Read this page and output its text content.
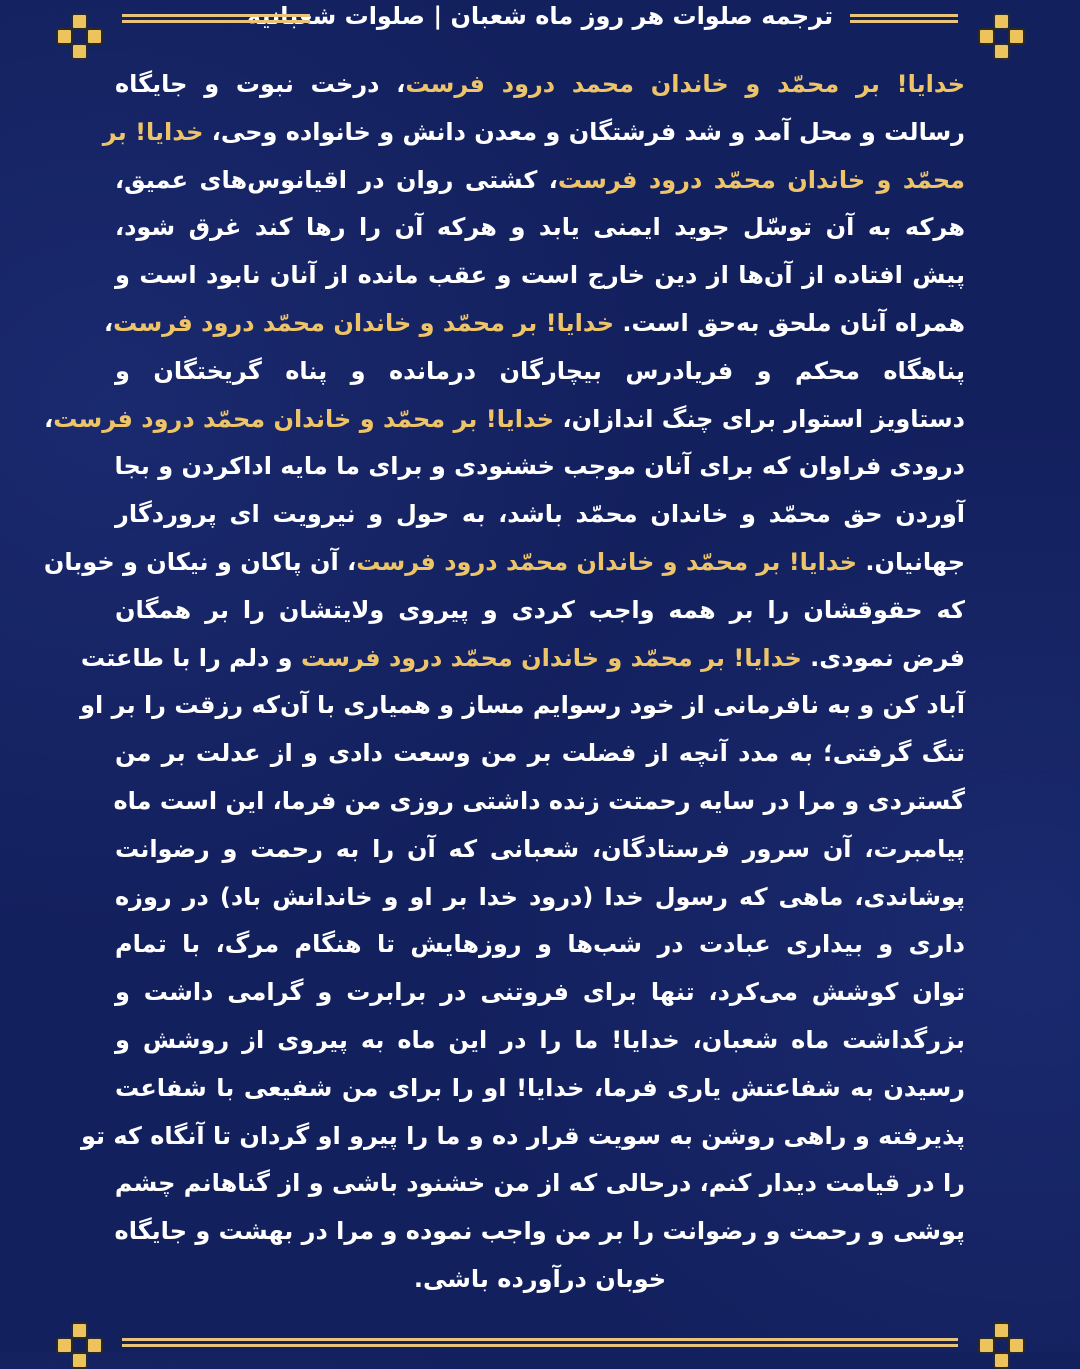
ترجمه صلوات هر روز ماه شعبان | صلوات شعبانیه
خدایا! بر محمّد و خاندان محمد درود فرست، درخت نبوت و جایگاه
رسالت و محل آمد و شد فرشتگان و معدن دانش و خانواده وحی، خدایا! بر
محمّد و خاندان محمّد درود فرست، کشتی روان در اقیانوس‌های عمیق،
هرکه به آن توسّل جوید ایمنی یابد و هرکه آن را رها کند غرق شود،
پیش افتاده از آن‌ها از دین خارج است و عقب مانده از آنان نابود است و
همراه آنان ملحق به‌حق است. خدایا! بر محمّد و خاندان محمّد درود فرست،
پناهگاه محکم و فریادرس بیچارگان درمانده و پناه گریختگان و
دستاویز استوار برای چنگ اندازان، خدایا! بر محمّد و خاندان محمّد درود فرست،
درودی فراوان که برای آنان موجب خشنودی و برای ما مایه اداکردن و بجا
آوردن حق محمّد و خاندان محمّد باشد، به حول و نیرویت ای پروردگار
جهانیان. خدایا! بر محمّد و خاندان محمّد درود فرست، آن پاکان و نیکان و خوبان
که حقوقشان را بر همه واجب کردی و پیروی ولایتشان را بر همگان
فرض نمودی. خدایا! بر محمّد و خاندان محمّد درود فرست و دلم را با طاعتت
آباد کن و به نافرمانی از خود رسوایم مساز و همیاری با آن‌که رزقت را بر او
تنگ گرفتی؛ به مدد آنچه از فضلت بر من وسعت دادی و از عدلت بر من
گستردی و مرا در سایه رحمتت زنده داشتی روزی من فرما، این است ماه
پیامبرت، آن سرور فرستادگان، شعبانی که آن را به رحمت و رضوانت
پوشاندی، ماهی که رسول خدا (درود خدا بر او و خاندانش باد) در روزه
داری و بیداری عبادت در شب‌ها و روزهایش تا هنگام مرگ، با تمام
توان کوشش می‌کرد، تنها برای فروتنی در برابرت و گرامی داشت و
بزرگداشت ماه شعبان، خدایا! ما را در این ماه به پیروی از روشش و
رسیدن به شفاعتش یاری فرما، خدایا! او را برای من شفیعی با شفاعت
پذیرفته و راهی روشن به سویت قرار ده و ما را پیرو او گردان تا آنگاه که تو
را در قیامت دیدار کنم، درحالی که از من خشنود باشی و از گناهانم چشم
پوشی و رحمت و رضوانت را بر من واجب نموده و مرا در بهشت و جایگاه
خوبان درآورده باشی.
